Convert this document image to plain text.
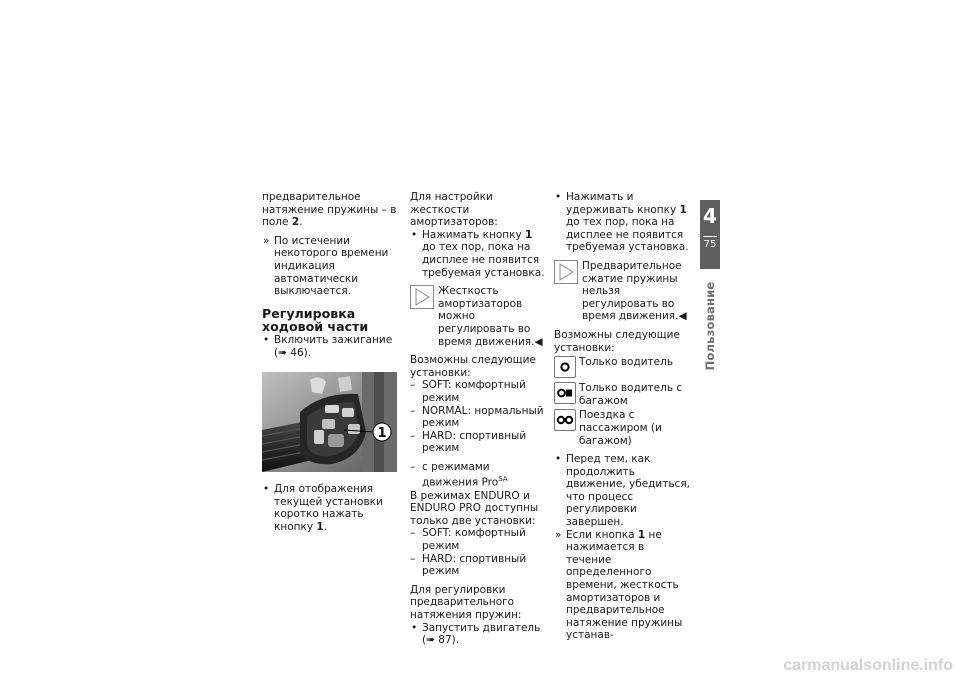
предварительное натяжение пружины – в поле 2.

» По истечении некоторого времени индикация автоматически выключается.

Регулировка ходовой части

• Включить зажигание (➠ 46).

1

• Для отображения текущей установки коротко нажать кнопку 1.

Для настройки жесткости амортизаторов:

• Нажимать кнопку 1 до тех пор, пока на дисплее не появится требуемая установка.

Жесткость амортизаторов можно регулировать во время движения.◀

Возможны следующие установки:

– SOFT: комфортный режим

– NORMAL: нормальный режим

– HARD: спортивный режим

– с режимами движения Pro$^{SA}$

В режимах ENDURO и ENDURO PRO доступны только две установки:

– SOFT: комфортный режим

– HARD: спортивный режим

Для регулировки предварительного натяжения пружин:

• Запустить двигатель (➠ 87).

• Нажимать и удерживать кнопку 1 до тех пор, пока на дисплее не появится требуемая установка.

Предварительное сжатие пружины нельзя регулировать во время движения.◀

Возможны следующие установки:

Только водитель
Только водитель с багажом
Поездка с пассажиром (и багажом)

• Перед тем, как продолжить движение, убедиться, что процесс регулировки завершен.

» Если кнопка 1 не нажимается в течение определенного времени, жесткость амортизаторов и предварительное натяжение пружины устанав-

4
75
Пользование
carmanualsonline.info
